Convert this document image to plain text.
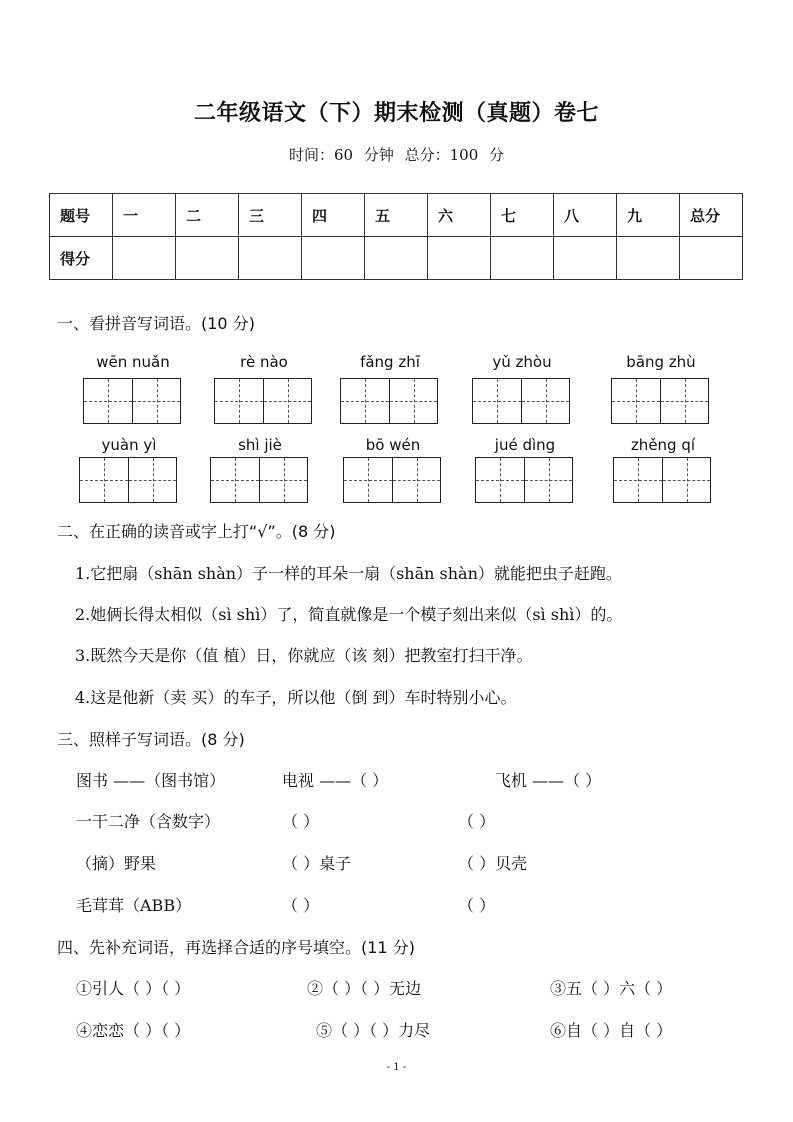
二年级语文（下）期末检测（真题）卷七
时间：60 分钟 总分：100 分
题号	一	二	三	四	五	六	七	八	九	总分
得分										
一、看拼音写词语。(10 分)
wēn nuǎn	rè nào	fǎng zhī	yǔ zhòu	bāng zhù
yuàn yì	shì jiè	bō wén	jué dìng	zhěng qí
二、在正确的读音或字上打“√”。(8 分)
1.它把扇（shān shàn）子一样的耳朵一扇（shān shàn）就能把虫子赶跑。
2.她俩长得太相似（sì shì）了，简直就像是一个模子刻出来似（sì shì）的。
3.既然今天是你（值 植）日，你就应（该 刻）把教室打扫干净。
4.这是他新（卖 买）的车子，所以他（倒 到）车时特别小心。
三、照样子写词语。(8 分)
图书 ——（图书馆）	电视 ——（ ）	飞机 ——（ ）
一干二净（含数字）	（ ）	（ ）
（摘）野果	（ ）桌子	（ ）贝壳
毛茸茸（ABB）	（ ）	（ ）
四、先补充词语，再选择合适的序号填空。(11 分)
①引人（ ）（ ）	②（ ）（ ）无边	③五（ ）六（ ）
④恋恋（ ）（ ）	⑤（ ）（ ）力尽	⑥自（ ）自（ ）
- 1 -
